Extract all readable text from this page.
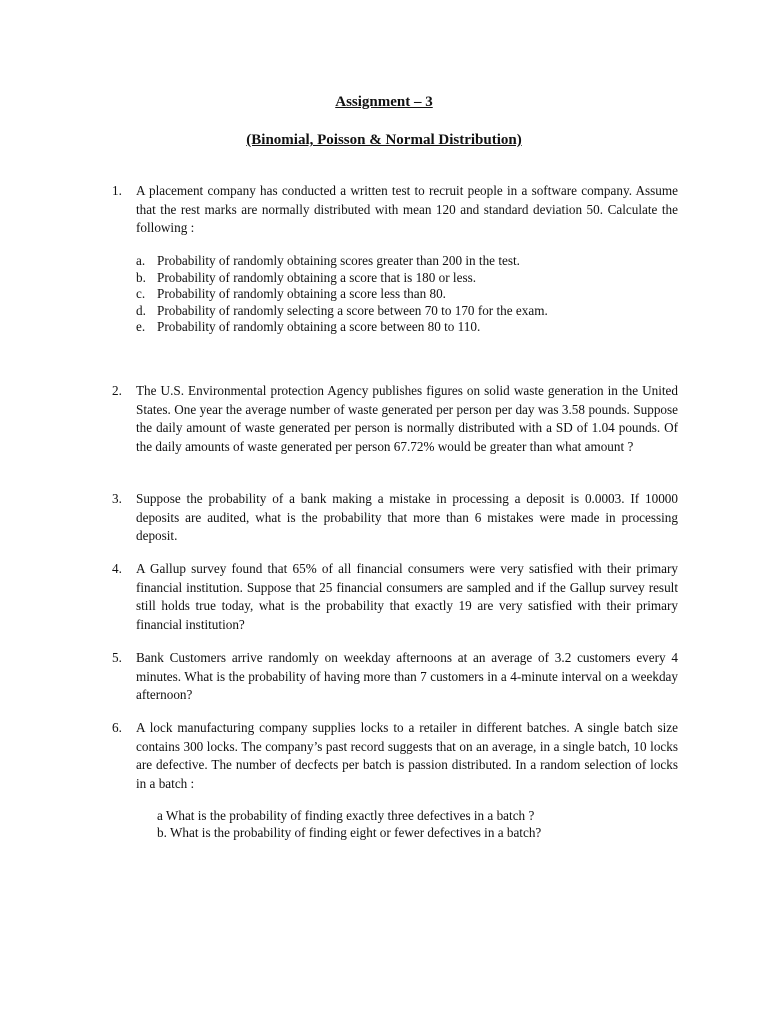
Assignment – 3
(Binomial, Poisson & Normal Distribution)
1. A placement company has conducted a written test to recruit people in a software company. Assume that the rest marks are normally distributed with mean 120 and standard deviation 50. Calculate the following :
a. Probability of randomly obtaining scores greater than 200 in the test.
b. Probability of randomly obtaining a score that is 180 or less.
c. Probability of randomly obtaining a score less than 80.
d. Probability of randomly selecting a score between 70 to 170 for the exam.
e. Probability of randomly obtaining a score between 80 to 110.
2. The U.S. Environmental protection Agency publishes figures on solid waste generation in the United States. One year the average number of waste generated per person per day was 3.58 pounds. Suppose the daily amount of waste generated per person is normally distributed with a SD of 1.04 pounds. Of the daily amounts of waste generated per person 67.72% would be greater than what amount ?
3. Suppose the probability of a bank making a mistake in processing a deposit is 0.0003. If 10000 deposits are audited, what is the probability that more than 6 mistakes were made in processing deposit.
4. A Gallup survey found that 65% of all financial consumers were very satisfied with their primary financial institution. Suppose that 25 financial consumers are sampled and if the Gallup survey result still holds true today, what is the probability that exactly 19 are very satisfied with their primary financial institution?
5. Bank Customers arrive randomly on weekday afternoons at an average of 3.2 customers every 4 minutes. What is the probability of having more than 7 customers in a 4-minute interval on a weekday afternoon?
6. A lock manufacturing company supplies locks to a retailer in different batches. A single batch size contains 300 locks. The company’s past record suggests that on an average, in a single batch, 10 locks are defective. The number of decfects per batch is passion distributed. In a random selection of locks in a batch :
a What is the probability of finding exactly three defectives in a batch ?
b. What is the probability of finding eight or fewer defectives in a batch?
